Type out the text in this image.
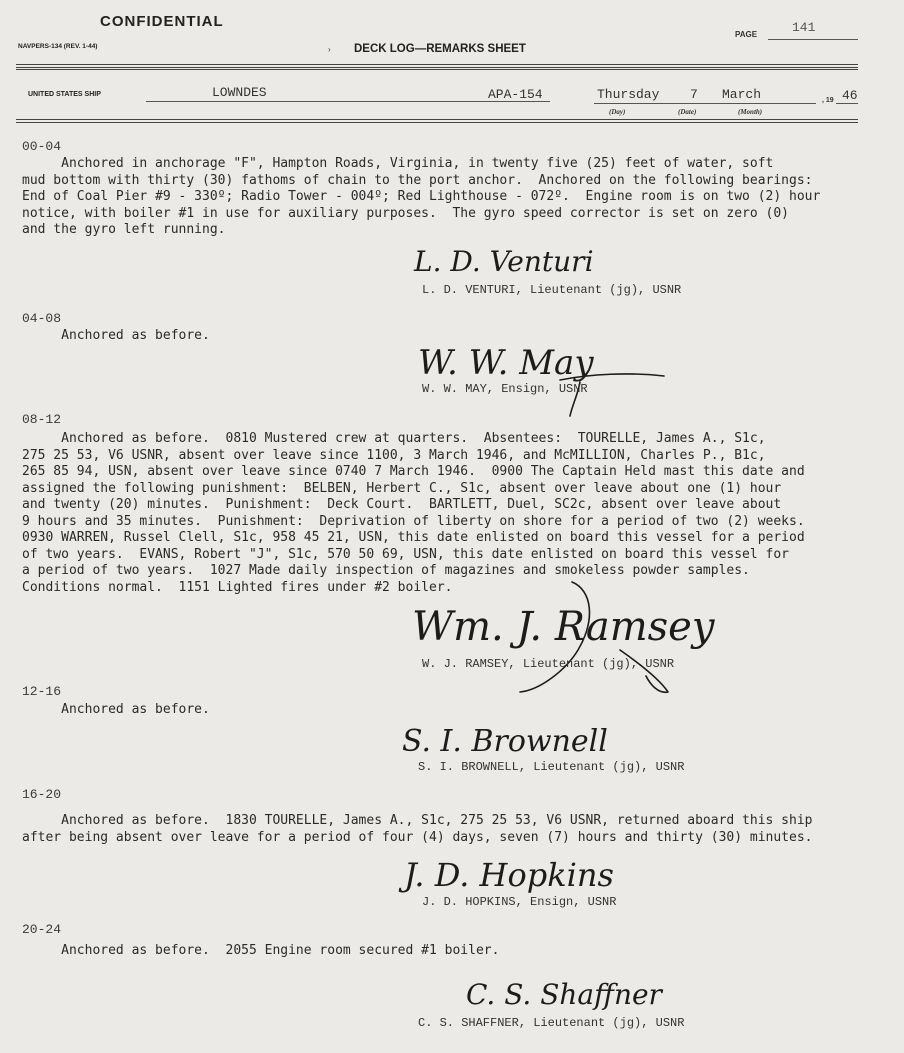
CONFIDENTIAL
NAVPERS-134 (REV. 1-44)	› DECK LOG—REMARKS SHEET
PAGE	141
UNITED STATES SHIP	LOWNDES	APA-154	Thursday 7 March
(Day)	(Date)	(Month)
, 19 46
00-04
Anchored in anchorage "F", Hampton Roads, Virginia, in twenty five (25) feet of water, soft
mud bottom with thirty (30) fathoms of chain to the port anchor.  Anchored on the following bearings:
End of Coal Pier #9 - 330º; Radio Tower - 004º; Red Lighthouse - 072º.  Engine room is on two (2) hour
notice, with boiler #1 in use for auxiliary purposes.  The gyro speed corrector is set on zero (0)
and the gyro left running.
L. D. Venturi
L. D. VENTURI, Lieutenant (jg), USNR
04-08
Anchored as before.
W. W. May
W. W. MAY, Ensign, USNR
08-12
Anchored as before.  0810 Mustered crew at quarters.  Absentees:  TOURELLE, James A., S1c,
275 25 53, V6 USNR, absent over leave since 1100, 3 March 1946, and McMILLION, Charles P., B1c,
265 85 94, USN, absent over leave since 0740 7 March 1946.  0900 The Captain Held mast this date and
assigned the following punishment:  BELBEN, Herbert C., S1c, absent over leave about one (1) hour
and twenty (20) minutes.  Punishment:  Deck Court.  BARTLETT, Duel, SC2c, absent over leave about
9 hours and 35 minutes.  Punishment:  Deprivation of liberty on shore for a period of two (2) weeks.
0930 WARREN, Russel Clell, S1c, 958 45 21, USN, this date enlisted on board this vessel for a period
of two years.  EVANS, Robert "J", S1c, 570 50 69, USN, this date enlisted on board this vessel for
a period of two years.  1027 Made daily inspection of magazines and smokeless powder samples.
Conditions normal.  1151 Lighted fires under #2 boiler.
Wm. J. Ramsey
W. J. RAMSEY, Lieutenant (jg), USNR
12-16
Anchored as before.
S. I. Brownell
S. I. BROWNELL, Lieutenant (jg), USNR
16-20
Anchored as before.  1830 TOURELLE, James A., S1c, 275 25 53, V6 USNR, returned aboard this ship
after being absent over leave for a period of four (4) days, seven (7) hours and thirty (30) minutes.
J. D. Hopkins
J. D. HOPKINS, Ensign, USNR
20-24
Anchored as before.  2055 Engine room secured #1 boiler.
C. S. Shaffner
C. S. SHAFFNER, Lieutenant (jg), USNR
